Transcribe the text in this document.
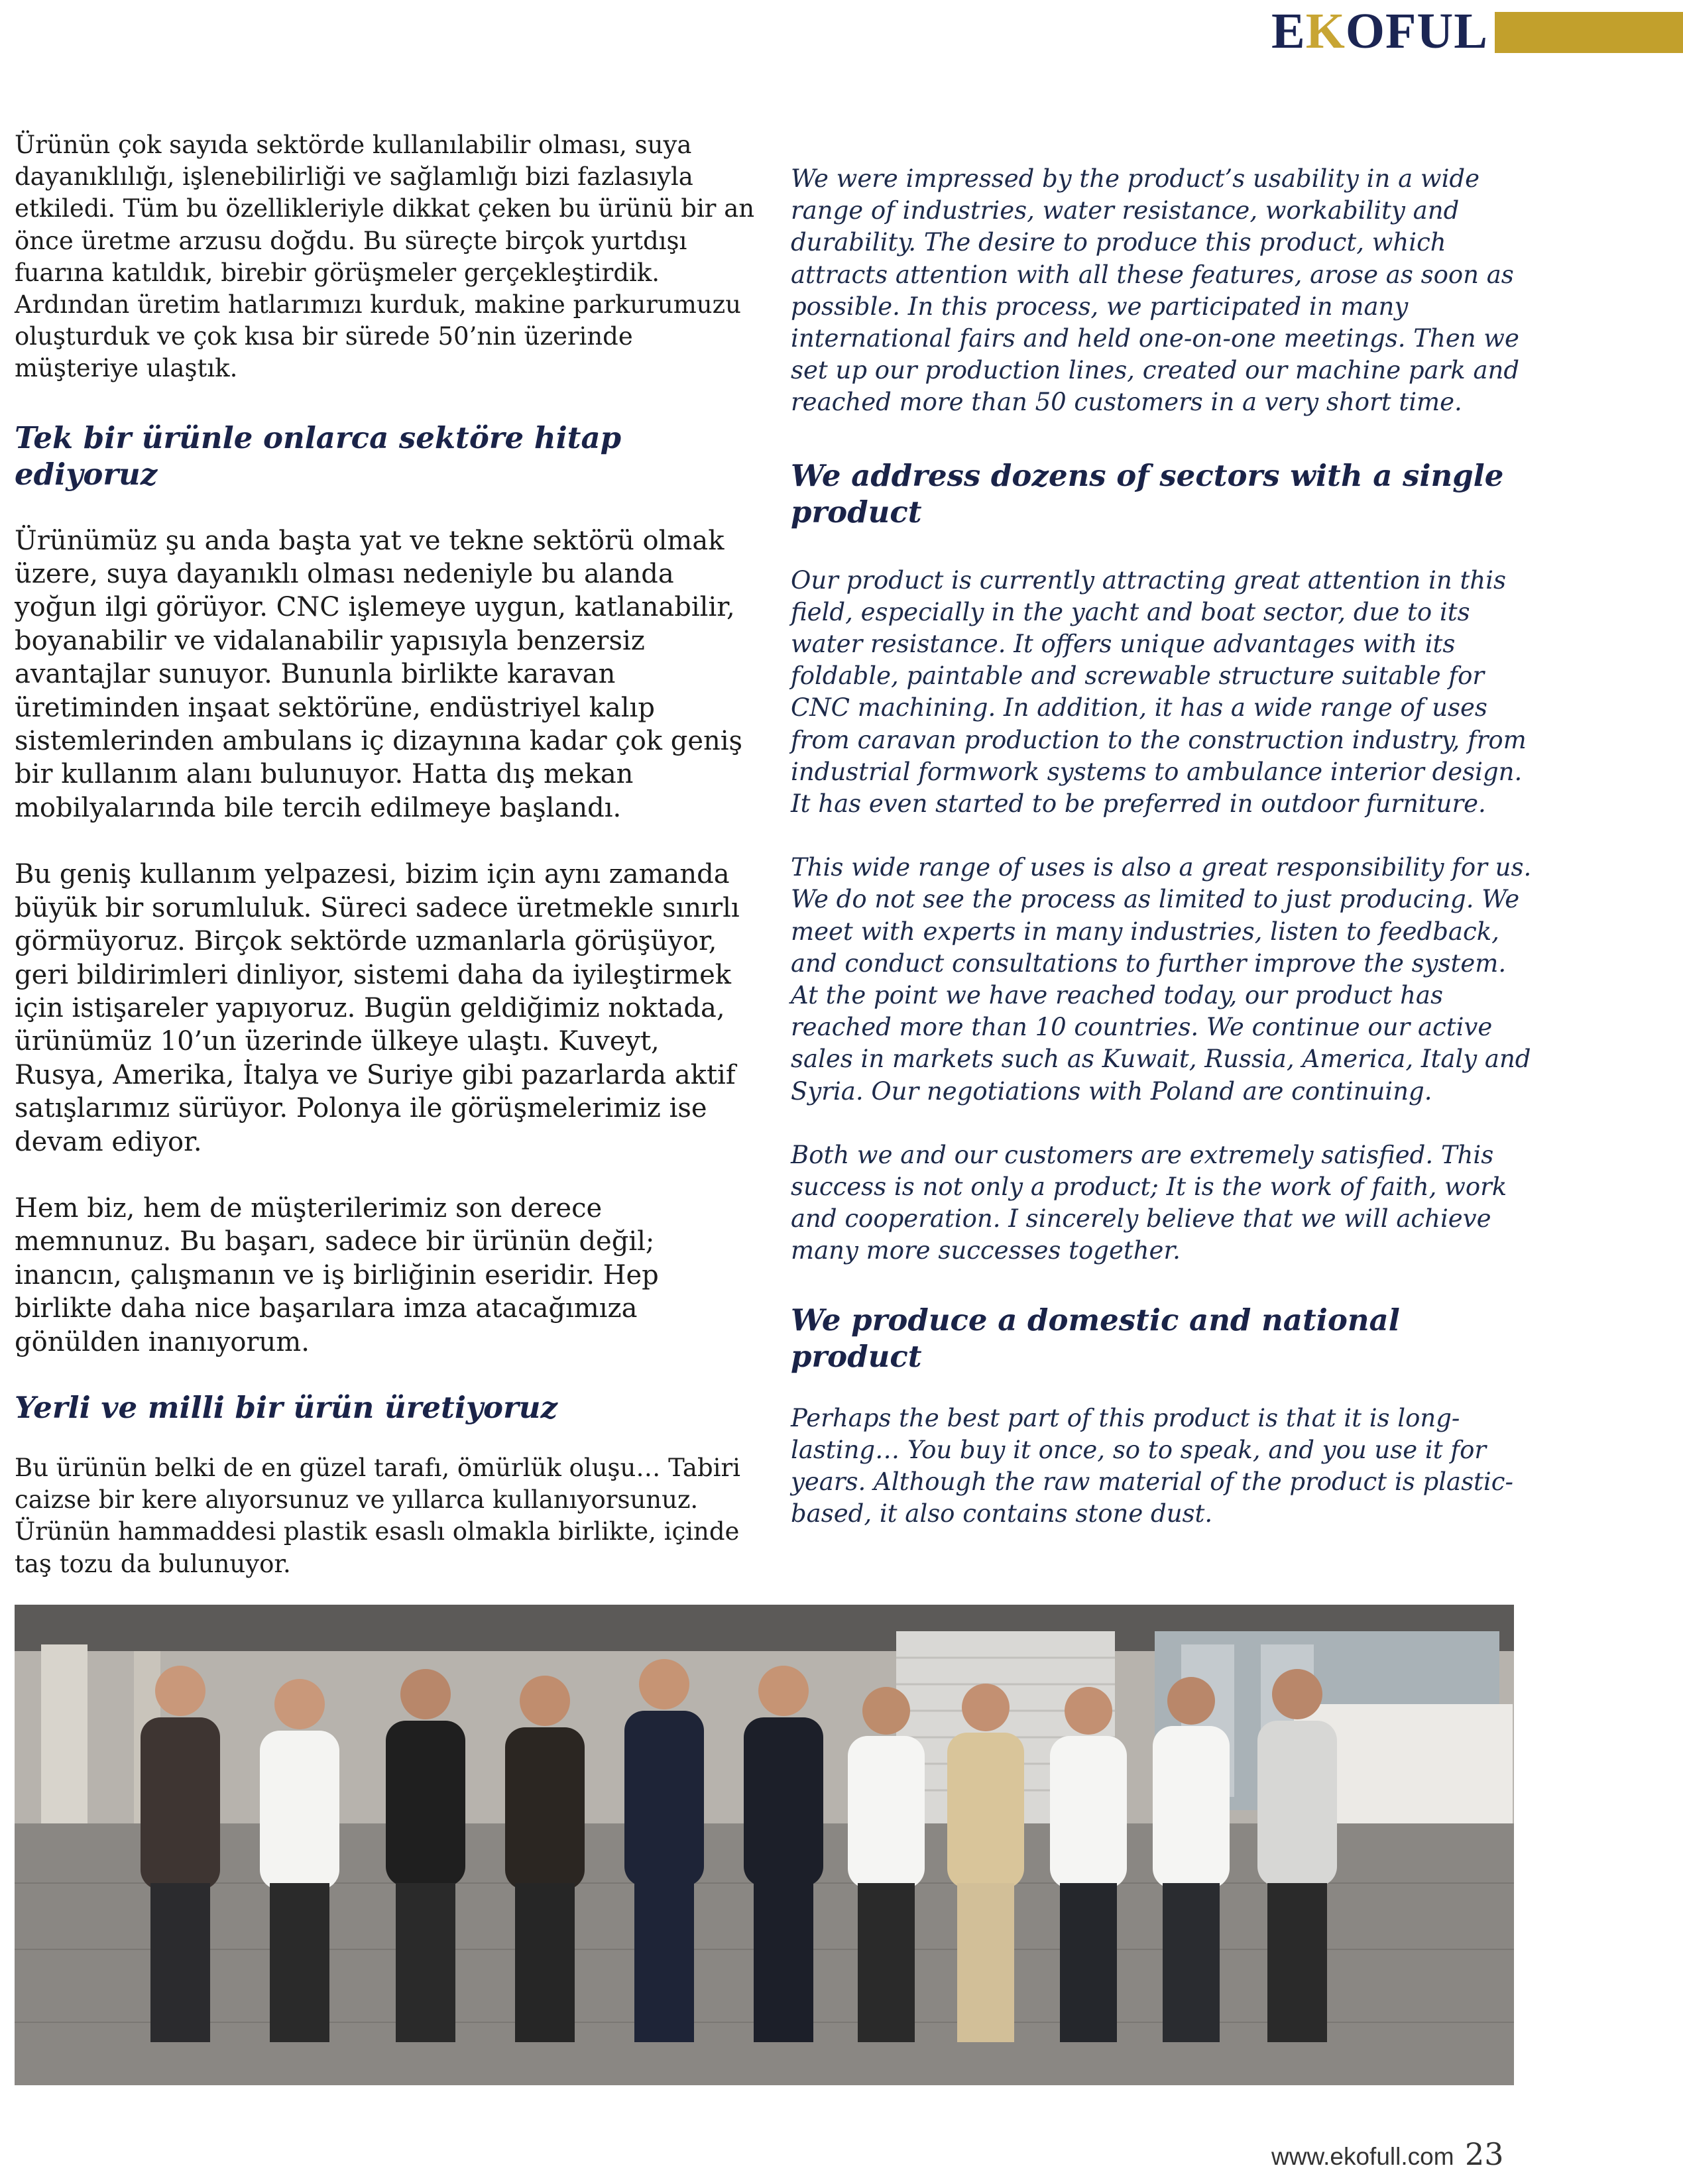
EKOFUL

Ürünün çok sayıda sektörde kullanılabilir olması, suya dayanıklılığı, işlenebilirliği ve sağlamlığı bizi fazlasıyla etkiledi. Tüm bu özellikleriyle dikkat çeken bu ürünü bir an önce üretme arzusu doğdu. Bu süreçte birçok yurtdışı fuarına katıldık, birebir görüşmeler gerçekleştirdik. Ardından üretim hatlarımızı kurduk, makine parkurumuzu oluşturduk ve çok kısa bir sürede 50’nin üzerinde müşteriye ulaştık.

Tek bir ürünle onlarca sektöre hitap ediyoruz

Ürünümüz şu anda başta yat ve tekne sektörü olmak üzere, suya dayanıklı olması nedeniyle bu alanda yoğun ilgi görüyor. CNC işlemeye uygun, katlanabilir, boyanabilir ve vidalanabilir yapısıyla benzersiz avantajlar sunuyor. Bununla birlikte karavan üretiminden inşaat sektörüne, endüstriyel kalıp sistemlerinden ambulans iç dizaynına kadar çok geniş bir kullanım alanı bulunuyor. Hatta dış mekan mobilyalarında bile tercih edilmeye başlandı.

Bu geniş kullanım yelpazesi, bizim için aynı zamanda büyük bir sorumluluk. Süreci sadece üretmekle sınırlı görmüyoruz. Birçok sektörde uzmanlarla görüşüyor, geri bildirimleri dinliyor, sistemi daha da iyileştirmek için istişareler yapıyoruz. Bugün geldiğimiz noktada, ürünümüz 10’un üzerinde ülkeye ulaştı. Kuveyt, Rusya, Amerika, İtalya ve Suriye gibi pazarlarda aktif satışlarımız sürüyor. Polonya ile görüşmelerimiz ise devam ediyor.

Hem biz, hem de müşterilerimiz son derece memnunuz. Bu başarı, sadece bir ürünün değil; inancın, çalışmanın ve iş birliğinin eseridir. Hep birlikte daha nice başarılara imza atacağımıza gönülden inanıyorum.

Yerli ve milli bir ürün üretiyoruz

Bu ürünün belki de en güzel tarafı, ömürlük oluşu… Tabiri caizse bir kere alıyorsunuz ve yıllarca kullanıyorsunuz. Ürünün hammaddesi plastik esaslı olmakla birlikte, içinde taş tozu da bulunuyor.

We were impressed by the product’s usability in a wide range of industries, water resistance, workability and durability. The desire to produce this product, which attracts attention with all these features, arose as soon as possible. In this process, we participated in many international fairs and held one-on-one meetings. Then we set up our production lines, created our machine park and reached more than 50 customers in a very short time.

We address dozens of sectors with a single product

Our product is currently attracting great attention in this field, especially in the yacht and boat sector, due to its water resistance. It offers unique advantages with its foldable, paintable and screwable structure suitable for CNC machining. In addition, it has a wide range of uses from caravan production to the construction industry, from industrial formwork systems to ambulance interior design. It has even started to be preferred in outdoor furniture.

This wide range of uses is also a great responsibility for us. We do not see the process as limited to just producing. We meet with experts in many industries, listen to feedback, and conduct consultations to further improve the system. At the point we have reached today, our product has reached more than 10 countries. We continue our active sales in markets such as Kuwait, Russia, America, Italy and Syria. Our negotiations with Poland are continuing.

Both we and our customers are extremely satisfied. This success is not only a product; It is the work of faith, work and cooperation. I sincerely believe that we will achieve many more successes together.

We produce a domestic and national product

Perhaps the best part of this product is that it is long-lasting… You buy it once, so to speak, and you use it for years. Although the raw material of the product is plastic-based, it also contains stone dust.

www.ekofull.com 23
